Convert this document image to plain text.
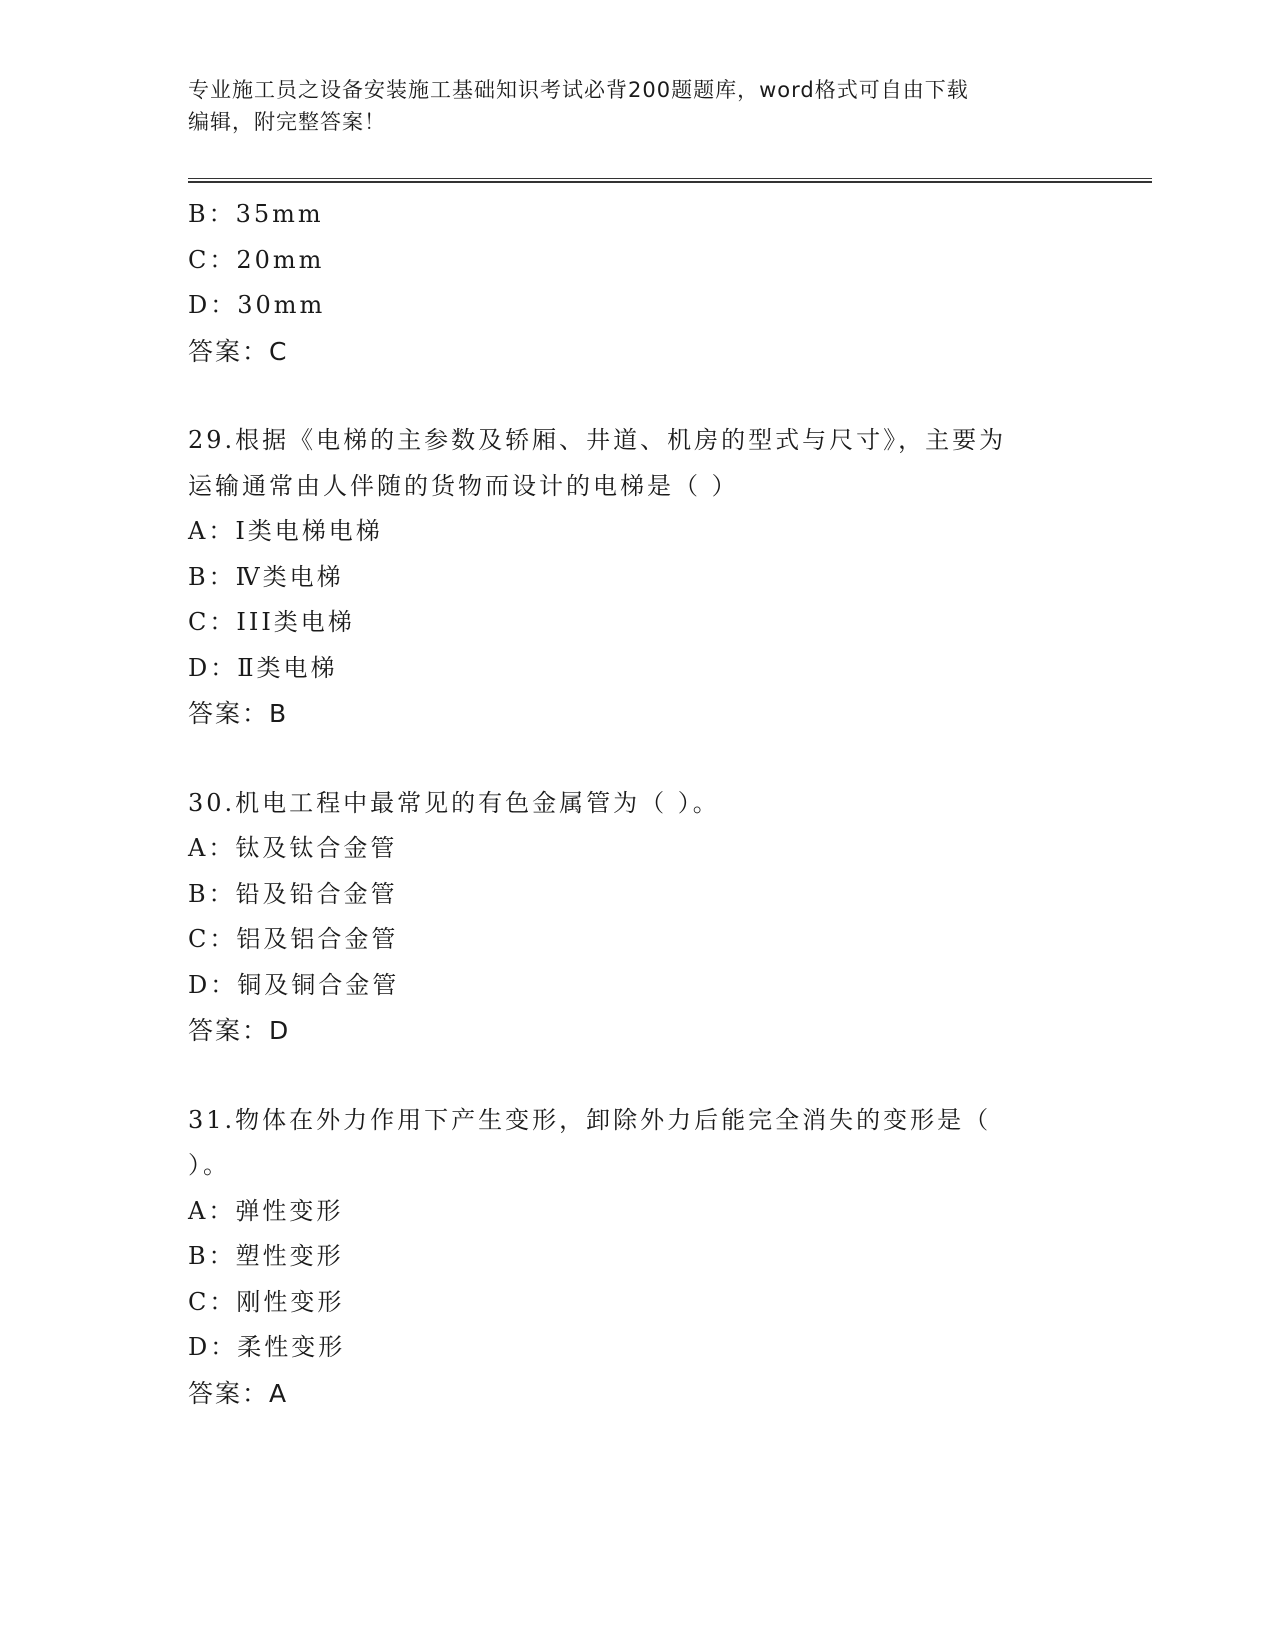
专业施工员之设备安装施工基础知识考试必背200题题库，word格式可自由下载
编辑，附完整答案！
B：35mm
C：20mm
D：30mm
答案：C
29.根据《电梯的主参数及轿厢、井道、机房的型式与尺寸》，主要为
运输通常由人伴随的货物而设计的电梯是（ ）
A：Ⅰ类电梯电梯
B：Ⅳ类电梯
C：III类电梯
D：Ⅱ类电梯
答案：B
30.机电工程中最常见的有色金属管为（ ）。
A：钛及钛合金管
B：铅及铅合金管
C：铝及铝合金管
D：铜及铜合金管
答案：D
31.物体在外力作用下产生变形，卸除外力后能完全消失的变形是（
）。
A：弹性变形
B：塑性变形
C：刚性变形
D：柔性变形
答案：A
